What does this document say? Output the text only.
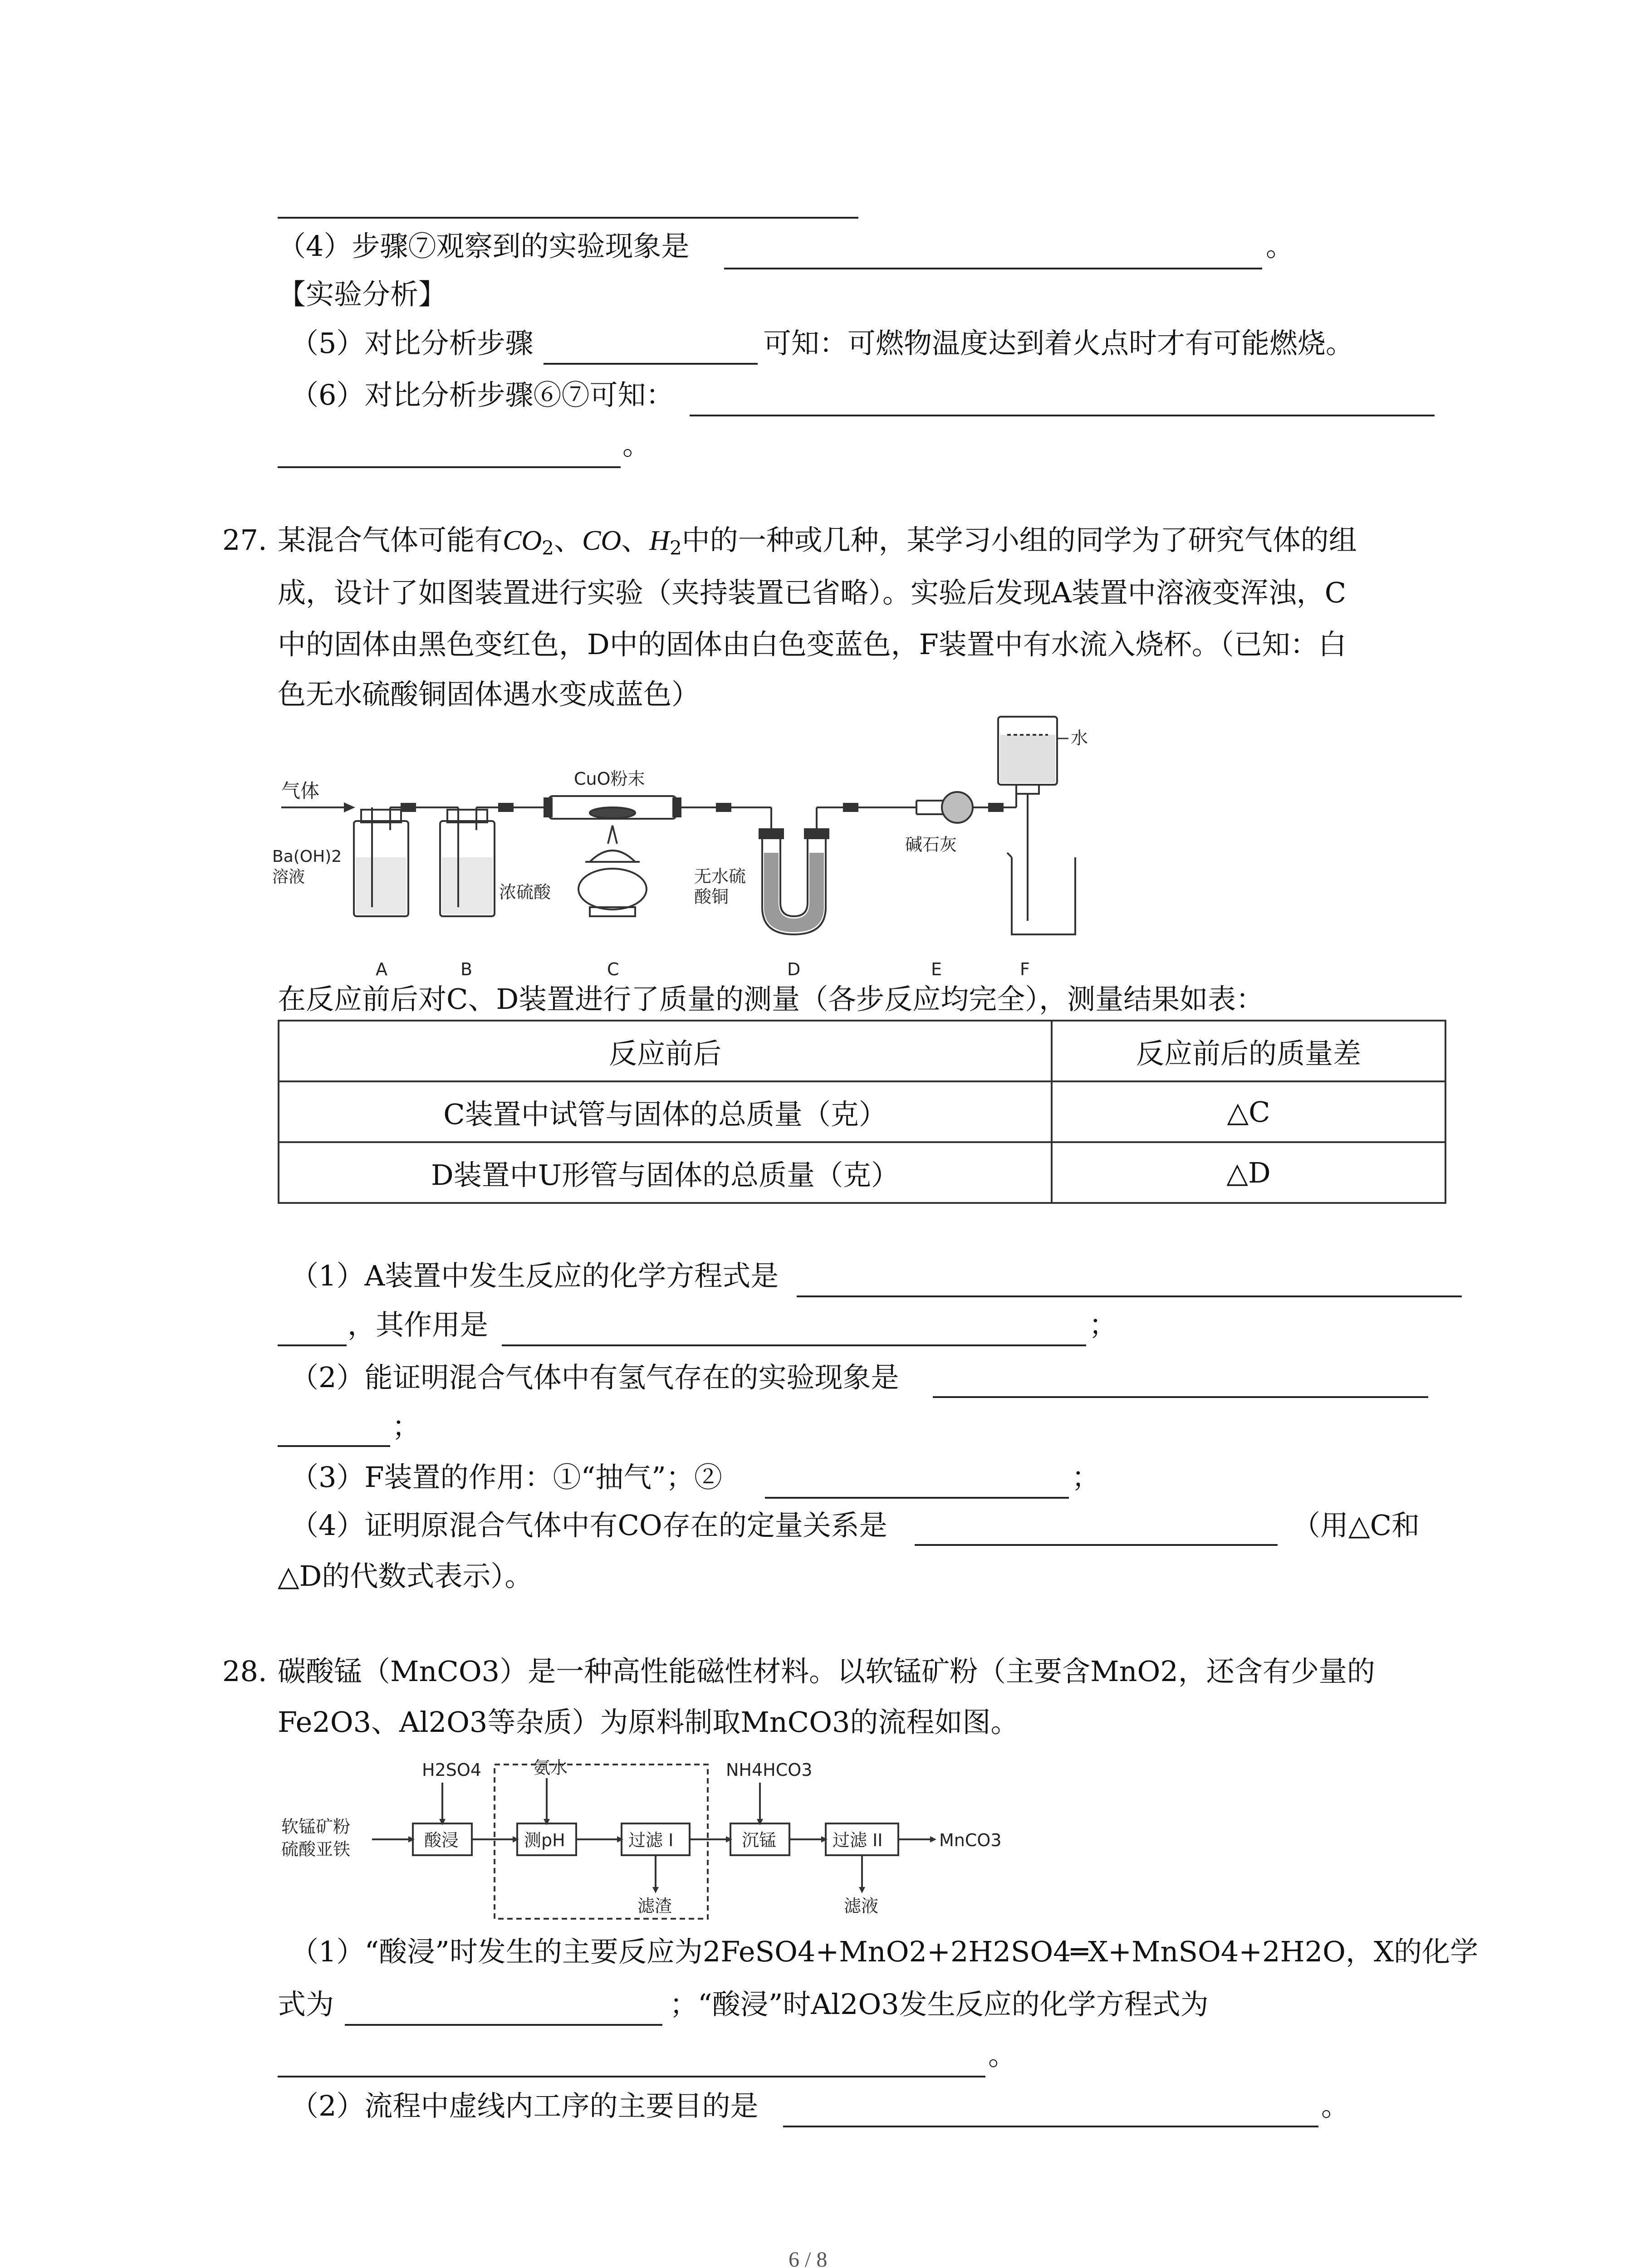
（4）步骤⑦观察到的实验现象是	。
【实验分析】
（5）对比分析步骤	可知：可燃物温度达到着火点时才有可能燃烧。
（6）对比分析步骤⑥⑦可知：
。
27. 某混合气体可能有$CO_2$、CO、$H_2$中的一种或几种，某学习小组的同学为了研究气体的组
成，设计了如图装置进行实验（夹持装置已省略）。实验后发现A装置中溶液变浑浊，C
中的固体由黑色变红色，D中的固体由白色变蓝色，F装置中有水流入烧杯。（已知：白
色无水硫酸铜固体遇水变成蓝色）
气体
Ba(OH)2
溶液
浓硫酸
CuO粉末
无水硫
酸铜
碱石灰
水
A	B	C	D	E	F
在反应前后对C、D装置进行了质量的测量（各步反应均完全），测量结果如表：
反应前后	反应前后的质量差
C装置中试管与固体的总质量（克）	△C
D装置中U形管与固体的总质量（克）	△D
（1）A装置中发生反应的化学方程式是
，其作用是	；
（2）能证明混合气体中有氢气存在的实验现象是
；
（3）F装置的作用：①“抽气”；②	；
（4）证明原混合气体中有CO存在的定量关系是	（用△C和
△D的代数式表示）。
28. 碳酸锰（MnCO3）是一种高性能磁性材料。以软锰矿粉（主要含MnO2，还含有少量的
Fe2O3、Al2O3等杂质）为原料制取MnCO3的流程如图。
软锰矿粉
硫酸亚铁
H2SO4	氨水	NH4HCO3
酸浸	测pH	过滤 I	沉锰	过滤 II	MnCO3
滤渣	滤液
（1）“酸浸”时发生的主要反应为2FeSO4+MnO2+2H2SO4═X+MnSO4+2H2O，X的化学
式为	；“酸浸”时Al2O3发生反应的化学方程式为
。
（2）流程中虚线内工序的主要目的是	。
6 / 8
